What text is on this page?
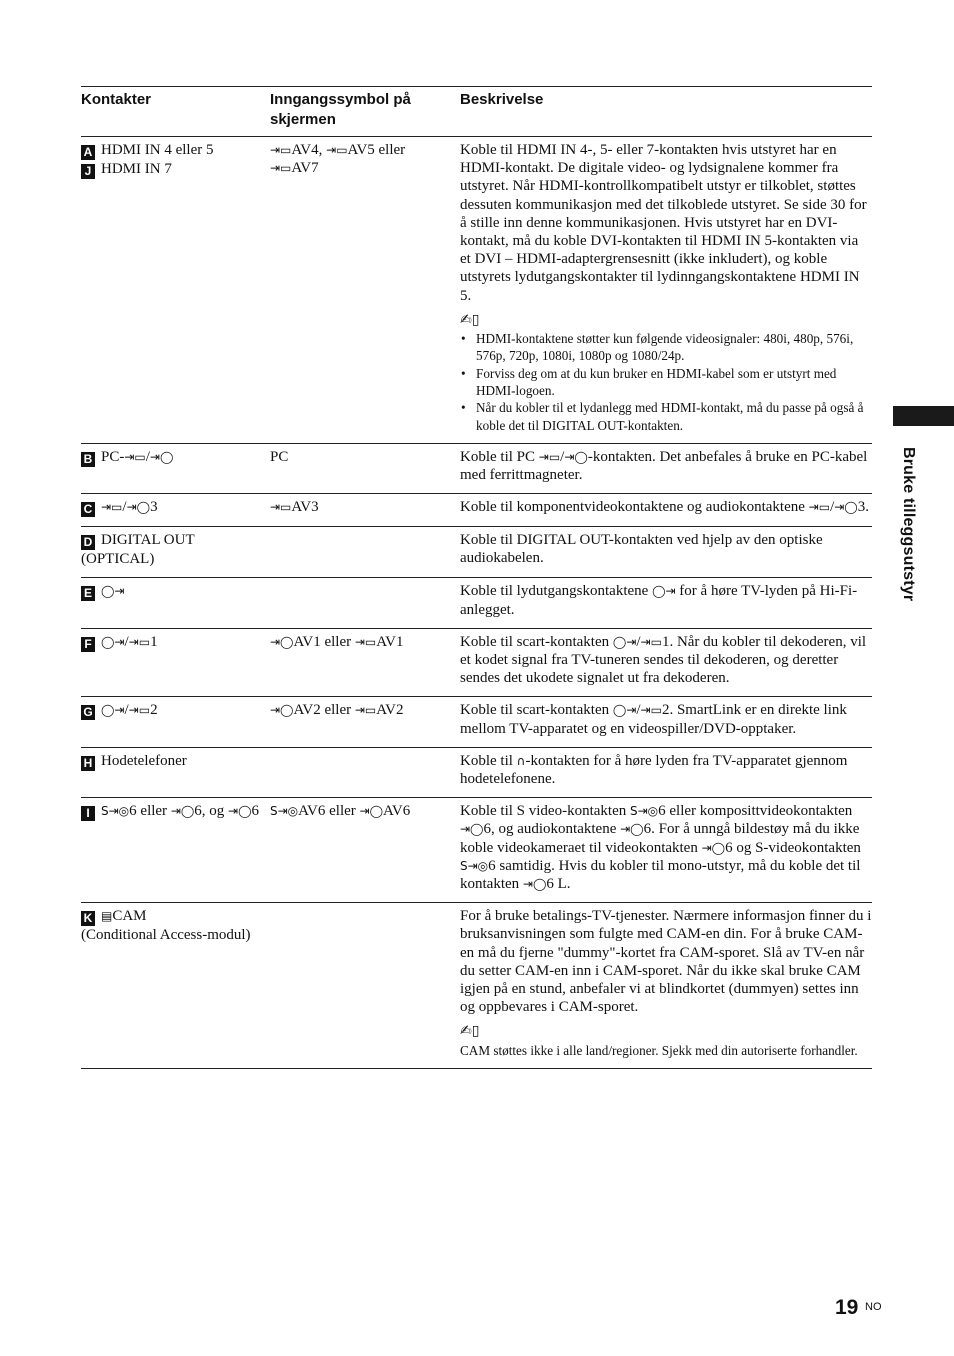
Kontakter	Inngangssymbol på skjermen
Beskrivelse
A HDMI IN 4 eller 5
J HDMI IN 7
⇥▭AV4, ⇥▭AV5 eller ⇥▭AV7
Koble til HDMI IN 4-, 5- eller 7-kontakten hvis utstyret har en HDMI-kontakt. De digitale video- og lydsignalene kommer fra utstyret. Når HDMI-kontrollkompatibelt utstyr er tilkoblet, støttes dessuten kommunikasjon med det tilkoblede utstyret. Se side 30 for å stille inn denne kommunikasjonen. Hvis utstyret har en DVI-kontakt, må du koble DVI-kontakten til HDMI IN 5-kontakten via et DVI – HDMI-adaptergrensesnitt (ikke inkludert), og koble utstyrets lydutgangskontakter til lydinngangskontaktene HDMI IN 5.
✍▯
• HDMI-kontaktene støtter kun følgende videosignaler: 480i, 480p, 576i, 576p, 720p, 1080i, 1080p og 1080/24p.
• Forviss deg om at du kun bruker en HDMI-kabel som er utstyrt med HDMI-logoen.
• Når du kobler til et lydanlegg med HDMI-kontakt, må du passe på også å koble det til DIGITAL OUT-kontakten.
B PC-⇥▭/⇥◯	PC	Koble til PC ⇥▭/⇥◯-kontakten. Det anbefales å bruke en PC-kabel med ferrittmagneter.
C ⇥▭/⇥◯3	⇥▭AV3	Koble til komponentvideokontaktene og audiokontaktene ⇥▭/⇥◯3.
D DIGITAL OUT (OPTICAL)
Koble til DIGITAL OUT-kontakten ved hjelp av den optiske audiokabelen.
E ◯⇥	Koble til lydutgangskontaktene ◯⇥ for å høre TV-lyden på Hi-Fi-anlegget.
F ◯⇥/⇥▭1	⇥◯AV1 eller ⇥▭AV1	Koble til scart-kontakten ◯⇥/⇥▭1. Når du kobler til dekoderen, vil et kodet signal fra TV-tuneren sendes til dekoderen, og deretter sendes det ukodete signalet ut fra dekoderen.
G ◯⇥/⇥▭2	⇥◯AV2 eller ⇥▭AV2	Koble til scart-kontakten ◯⇥/⇥▭2. SmartLink er en direkte link mellom TV-apparatet og en videospiller/DVD-opptaker.
H Hodetelefoner	Koble til ∩-kontakten for å høre lyden fra TV-apparatet gjennom hodetelefonene.
I S⇥◎6 eller ⇥◯6, og ⇥◯6 S⇥◎AV6 eller ⇥◯AV6	Koble til S video-kontakten S⇥◎6 eller komposittvideokontakten ⇥◯6, og audiokontaktene ⇥◯6. For å unngå bildestøy må du ikke koble videokameraet til videokontakten ⇥◯6 og S-videokontakten S⇥◎6 samtidig. Hvis du kobler til mono-utstyr, må du koble det til kontakten ⇥◯6 L.
K ▤CAM
(Conditional Access-modul)
For å bruke betalings-TV-tjenester. Nærmere informasjon finner du i bruksanvisningen som fulgte med CAM-en din. For å bruke CAM-en må du fjerne "dummy"-kortet fra CAM-sporet. Slå av TV-en når du setter CAM-en inn i CAM-sporet. Når du ikke skal bruke CAM igjen på en stund, anbefaler vi at blindkortet (dummyen) settes inn og oppbevares i CAM-sporet.
✍▯
CAM støttes ikke i alle land/regioner. Sjekk med din autoriserte forhandler.
Bruke tilleggsutstyr
19 NO
